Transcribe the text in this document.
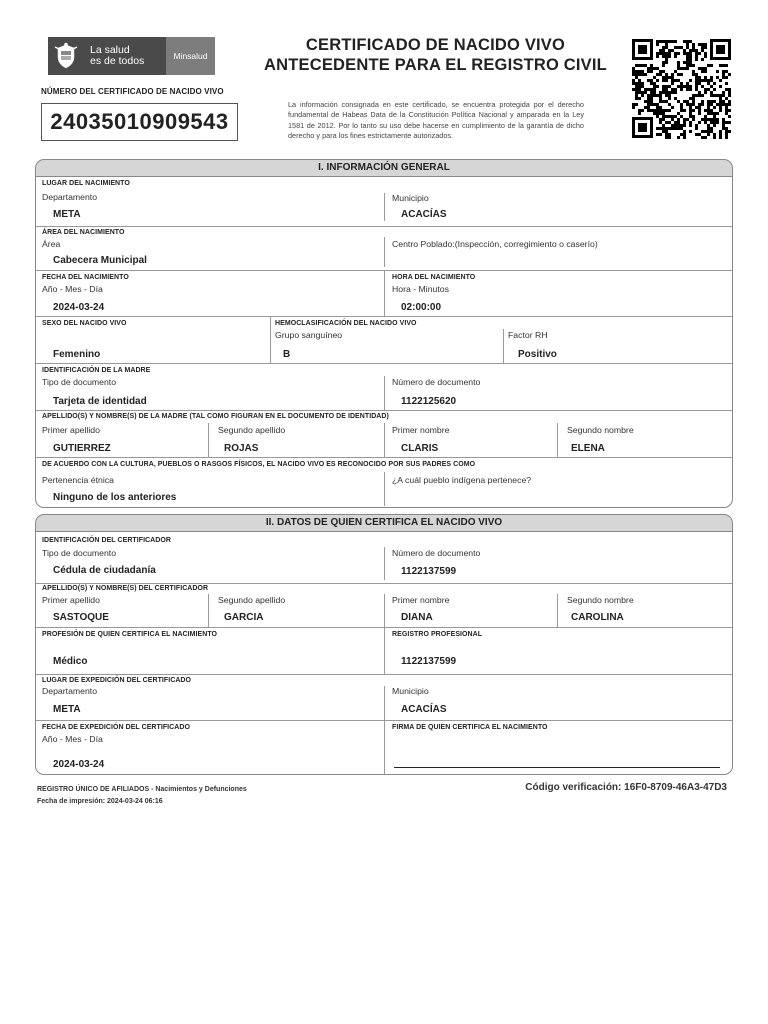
La salud
es de todos	Minsalud
NÚMERO DEL CERTIFICADO DE NACIDO VIVO
24035010909543
CERTIFICADO DE NACIDO VIVO
ANTECEDENTE PARA EL REGISTRO CIVIL
La información consignada en este certificado, se encuentra protegida por el derecho fundamental de Habeas Data de la Constitución Política Nacional y amparada en la Ley 1581 de 2012. Por lo tanto su uso debe hacerse en cumplimiento de la garantía de dicho derecho y para los fines estrictamente autorizados.
I. INFORMACIÓN GENERAL
LUGAR DEL NACIMIENTO
Departamento
META
Municipio
ACACÍAS
ÁREA DEL NACIMIENTO
Área
Cabecera Municipal
Centro Poblado:(Inspección, corregimiento o caserío)
FECHA DEL NACIMIENTO
Año - Mes - Día
2024-03-24
HORA DEL NACIMIENTO
Hora - Minutos
02:00:00
SEXO DEL NACIDO VIVO
Femenino
HEMOCLASIFICACIÓN DEL NACIDO VIVO
Grupo sanguíneo
B
Factor RH
Positivo
IDENTIFICACIÓN DE LA MADRE
Tipo de documento
Tarjeta de identidad
Número de documento
1122125620
APELLIDO(S) Y NOMBRE(S) DE LA MADRE (TAL COMO FIGURAN EN EL DOCUMENTO DE IDENTIDAD)
Primer apellido
GUTIERREZ
Segundo apellido
ROJAS
Primer nombre
CLARIS
Segundo nombre
ELENA
DE ACUERDO CON LA CULTURA, PUEBLOS O RASGOS FÍSICOS, EL NACIDO VIVO ES RECONOCIDO POR SUS PADRES COMO
Pertenencia étnica
Ninguno de los anteriores
¿A cuál pueblo indígena pertenece?
II. DATOS DE QUIEN CERTIFICA EL NACIDO VIVO
IDENTIFICACIÓN DEL CERTIFICADOR
Tipo de documento
Cédula de ciudadanía
Número de documento
1122137599
APELLIDO(S) Y NOMBRE(S) DEL CERTIFICADOR
Primer apellido
SASTOQUE
Segundo apellido
GARCIA
Primer nombre
DIANA
Segundo nombre
CAROLINA
PROFESIÓN DE QUIEN CERTIFICA EL NACIMIENTO
Médico
REGISTRO PROFESIONAL
1122137599
LUGAR DE EXPEDICIÓN DEL CERTIFICADO
Departamento
META
Municipio
ACACÍAS
FECHA DE EXPEDICIÓN DEL CERTIFICADO
Año - Mes - Día
2024-03-24
FIRMA DE QUIEN CERTIFICA EL NACIMIENTO
REGISTRO ÚNICO DE AFILIADOS - Nacimientos y Defunciones
Fecha de impresión: 2024-03-24 06:16
Código verificación: 16F0-8709-46A3-47D3
